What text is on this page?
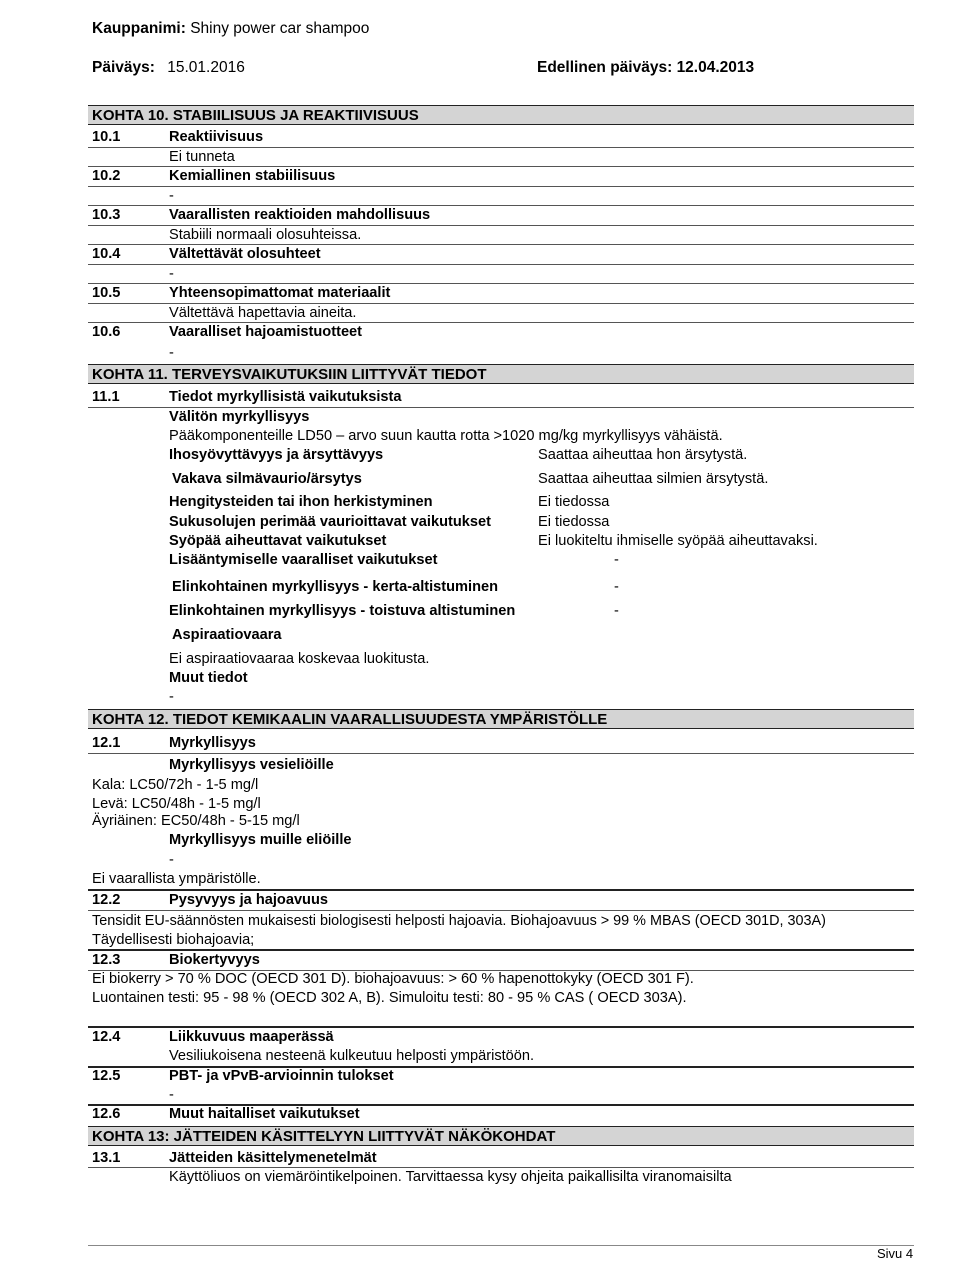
Kauppanimi: Shiny power car shampoo
Päiväys: 15.01.2016	Edellinen päiväys: 12.04.2013
KOHTA 10. STABIILISUUS JA REAKTIIVISUUS
10.1	Reaktiivisuus
Ei tunneta
10.2	Kemiallinen stabiilisuus
-
10.3	Vaarallisten reaktioiden mahdollisuus
Stabiili normaali olosuhteissa.
10.4	Vältettävät olosuhteet
-
10.5	Yhteensopimattomat materiaalit
Vältettävä hapettavia aineita.
10.6	Vaaralliset hajoamistuotteet
-
KOHTA 11. TERVEYSVAIKUTUKSIIN LIITTYVÄT TIEDOT
11.1	Tiedot myrkyllisistä vaikutuksista
Välitön myrkyllisyys
Pääkomponenteille LD50 – arvo suun kautta rotta >1020 mg/kg myrkyllisyys vähäistä.
Ihosyövyttävyys ja ärsyttävyys	Saattaa aiheuttaa hon ärsytystä.
Vakava silmävaurio/ärsytys	Saattaa aiheuttaa silmien ärsytystä.
Hengitysteiden tai ihon herkistyminen	Ei tiedossa
Sukusolujen perimää vaurioittavat vaikutukset	Ei tiedossa
Syöpää aiheuttavat vaikutukset	Ei luokiteltu ihmiselle syöpää aiheuttavaksi.
Lisääntymiselle vaaralliset vaikutukset	-
Elinkohtainen myrkyllisyys - kerta-altistuminen	-
Elinkohtainen myrkyllisyys - toistuva altistuminen	-
Aspiraatiovaara
Ei aspiraatiovaaraa koskevaa luokitusta.
Muut tiedot
-
KOHTA 12. TIEDOT KEMIKAALIN VAARALLISUUDESTA YMPÄRISTÖLLE
12.1	Myrkyllisyys
Myrkyllisyys vesieliöille
Kala: LC50/72h - 1-5 mg/l
Levä: LC50/48h - 1-5 mg/l
Äyriäinen: EC50/48h - 5-15 mg/l
Myrkyllisyys muille eliöille
-
Ei vaarallista ympäristölle.
12.2	Pysyvyys ja hajoavuus
Tensidit EU-säännösten mukaisesti biologisesti helposti hajoavia. Biohajoavuus > 99 % MBAS (OECD 301D, 303A)
Täydellisesti biohajoavia;
12.3	Biokertyvyys
Ei biokerry > 70 % DOC (OECD 301 D). biohajoavuus: > 60 % hapenottokyky (OECD 301 F).
Luontainen testi: 95 - 98 % (OECD 302 A, B). Simuloitu testi: 80 - 95 % CAS ( OECD 303A).
12.4	Liikkuvuus maaperässä
Vesiliukoisena nesteenä kulkeutuu helposti ympäristöön.
12.5	PBT- ja vPvB-arvioinnin tulokset
-
12.6	Muut haitalliset vaikutukset
KOHTA 13: JÄTTEIDEN KÄSITTELYYN LIITTYVÄT NÄKÖKOHDAT
13.1	Jätteiden käsittelymenetelmät
Käyttöliuos on viemäröintikelpoinen. Tarvittaessa kysy ohjeita paikallisilta viranomaisilta
Sivu 4
